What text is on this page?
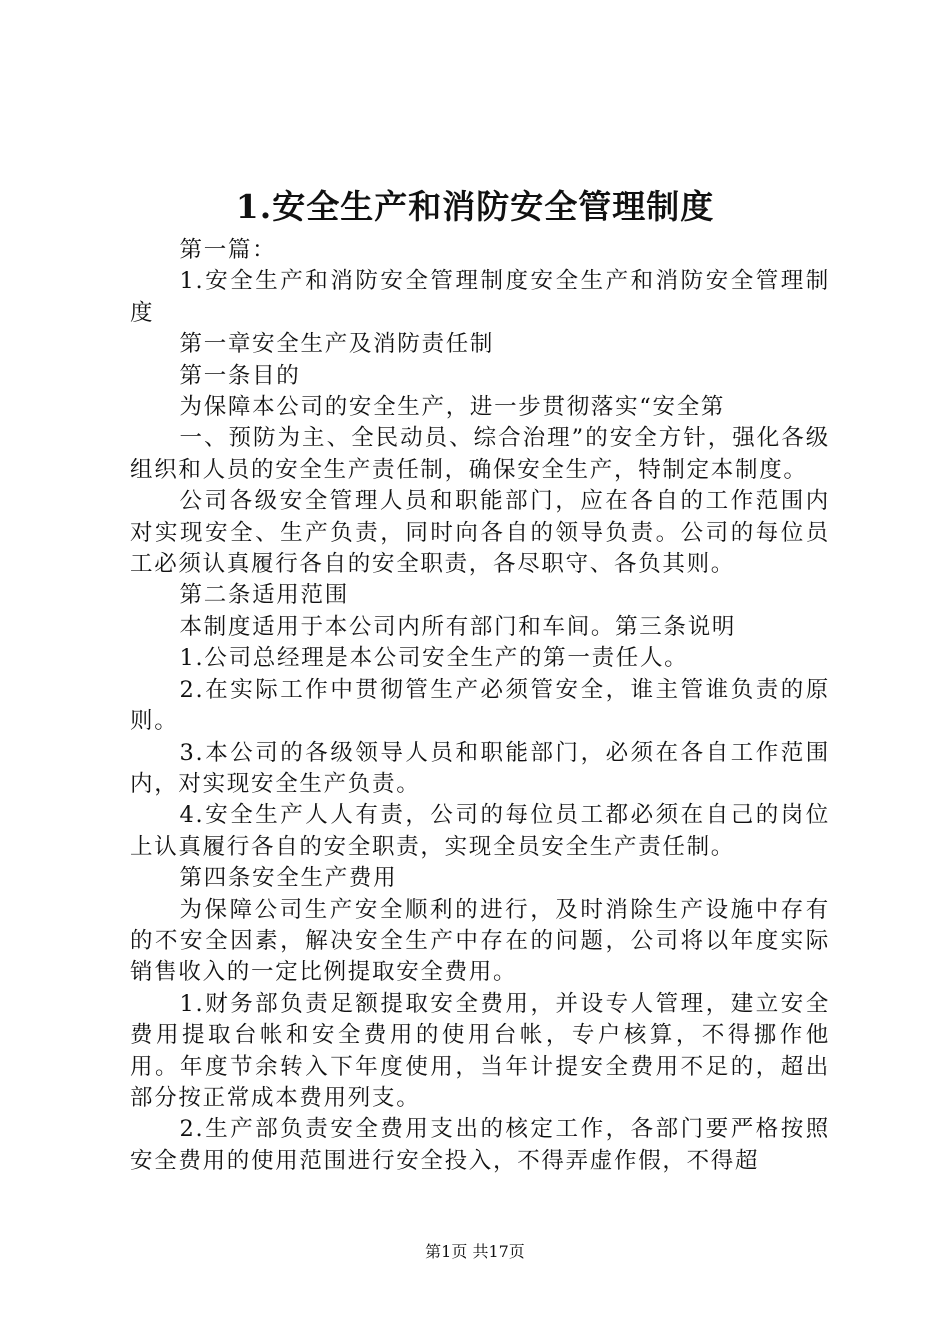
1.安全生产和消防安全管理制度

第一篇：

1.安全生产和消防安全管理制度安全生产和消防安全管理制度

第一章安全生产及消防责任制

第一条目的

为保障本公司的安全生产，进一步贯彻落实“安全第

一、预防为主、全民动员、综合治理”的安全方针，强化各级组织和人员的安全生产责任制，确保安全生产，特制定本制度。

公司各级安全管理人员和职能部门，应在各自的工作范围内对实现安全、生产负责，同时向各自的领导负责。公司的每位员工必须认真履行各自的安全职责，各尽职守、各负其则。

第二条适用范围

本制度适用于本公司内所有部门和车间。第三条说明

1.公司总经理是本公司安全生产的第一责任人。

2.在实际工作中贯彻管生产必须管安全，谁主管谁负责的原则。

3.本公司的各级领导人员和职能部门，必须在各自工作范围内，对实现安全生产负责。

4.安全生产人人有责，公司的每位员工都必须在自己的岗位上认真履行各自的安全职责，实现全员安全生产责任制。

第四条安全生产费用

为保障公司生产安全顺利的进行，及时消除生产设施中存有的不安全因素，解决安全生产中存在的问题，公司将以年度实际销售收入的一定比例提取安全费用。

1.财务部负责足额提取安全费用，并设专人管理，建立安全费用提取台帐和安全费用的使用台帐，专户核算，不得挪作他用。年度节余转入下年度使用，当年计提安全费用不足的，超出部分按正常成本费用列支。

2.生产部负责安全费用支出的核定工作，各部门要严格按照安全费用的使用范围进行安全投入，不得弄虚作假，不得超

第1页 共17页
